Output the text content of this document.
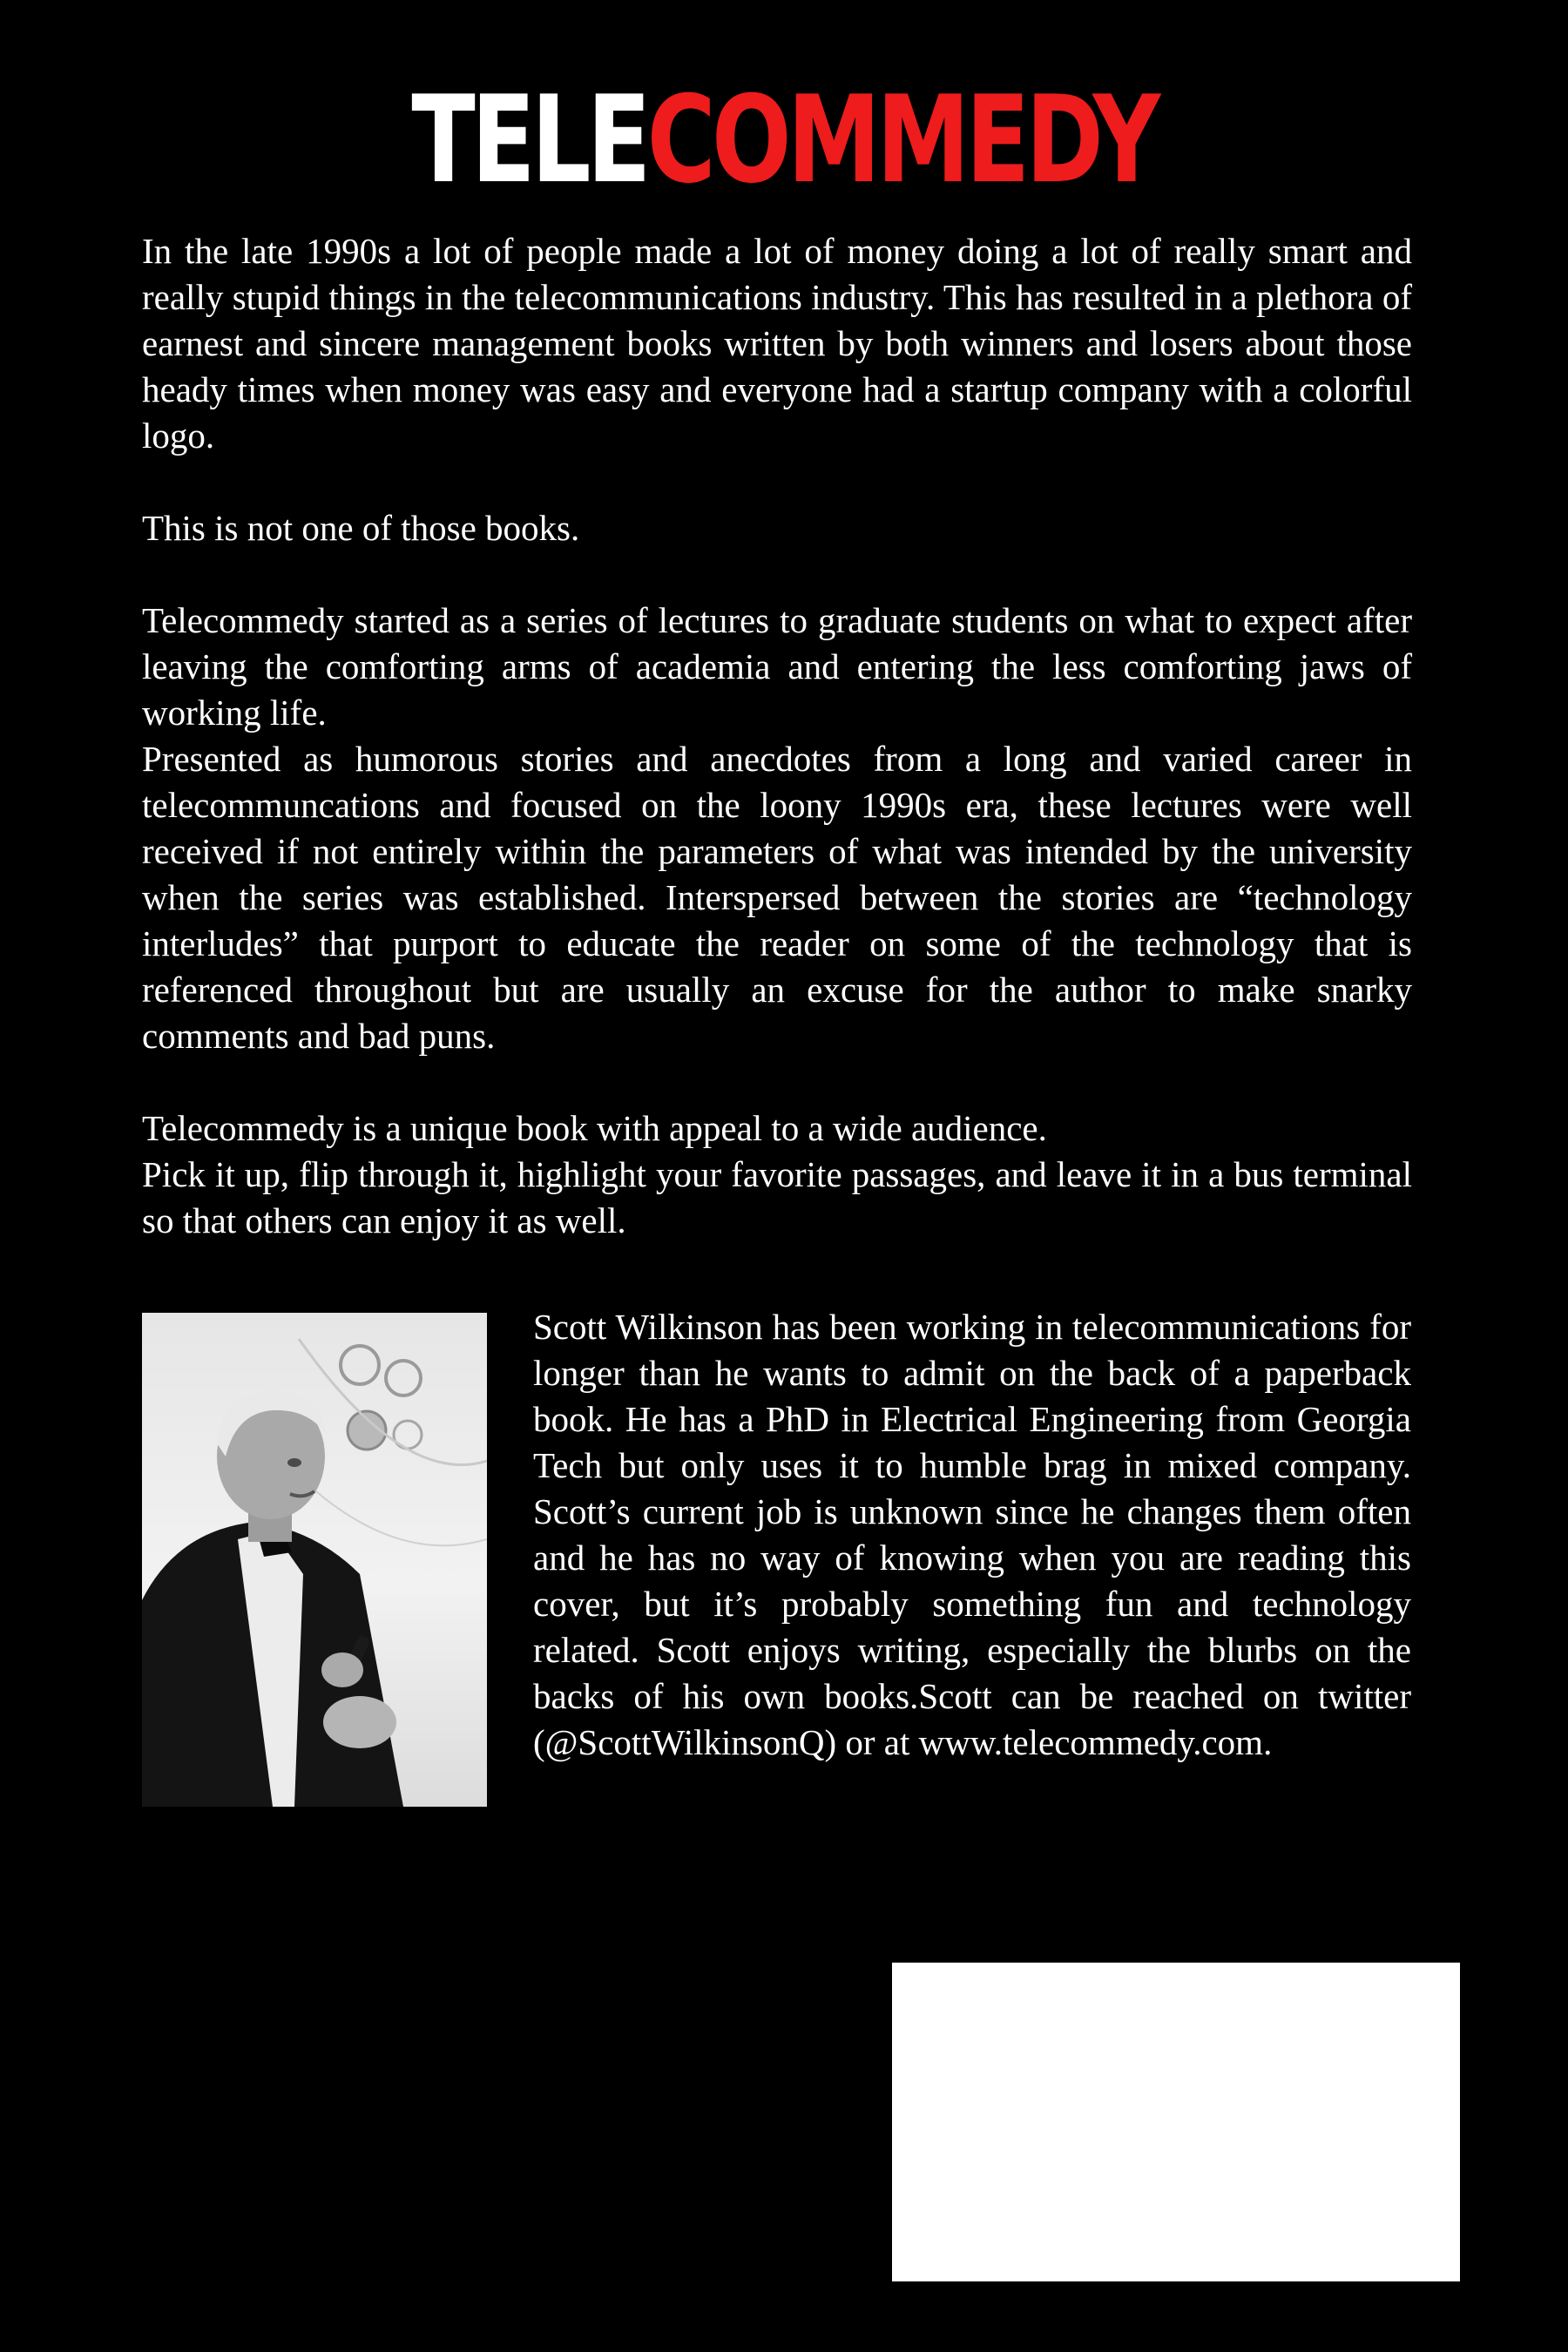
TELECOMMEDY

In the late 1990s a lot of people made a lot of money doing a lot of really smart and really stupid things in the telecommunications industry. This has resulted in a plethora of earnest and sincere management books written by both winners and losers about those heady times when money was easy and everyone had a startup company with a colorful logo.

This is not one of those books.

Telecommedy started as a series of lectures to graduate students on what to expect after leaving the comforting arms of academia and entering the less comforting jaws of working life.

Presented as humorous stories and anecdotes from a long and varied career in telecommuncations and focused on the loony 1990s era, these lectures were well received if not entirely within the parameters of what was intended by the university when the series was established. Interspersed between the stories are “technology interludes” that purport to educate the reader on some of the technology that is referenced throughout but are usually an excuse for the author to make snarky comments and bad puns.

Telecommedy is a unique book with appeal to a wide audience.

Pick it up, flip through it, highlight your favorite passages, and leave it in a bus terminal so that others can enjoy it as well.

Scott Wilkinson has been working in telecommunications for longer than he wants to admit on the back of a paperback book. He has a PhD in Electrical Engineering from Georgia Tech but only uses it to humble brag in mixed company. Scott’s current job is unknown since he changes them often and he has no way of knowing when you are reading this cover, but it’s probably something fun and technology related. Scott enjoys writing, especially the blurbs on the backs of his own books.Scott can be reached on twitter (@ScottWilkinsonQ) or at www.telecommedy.com.
